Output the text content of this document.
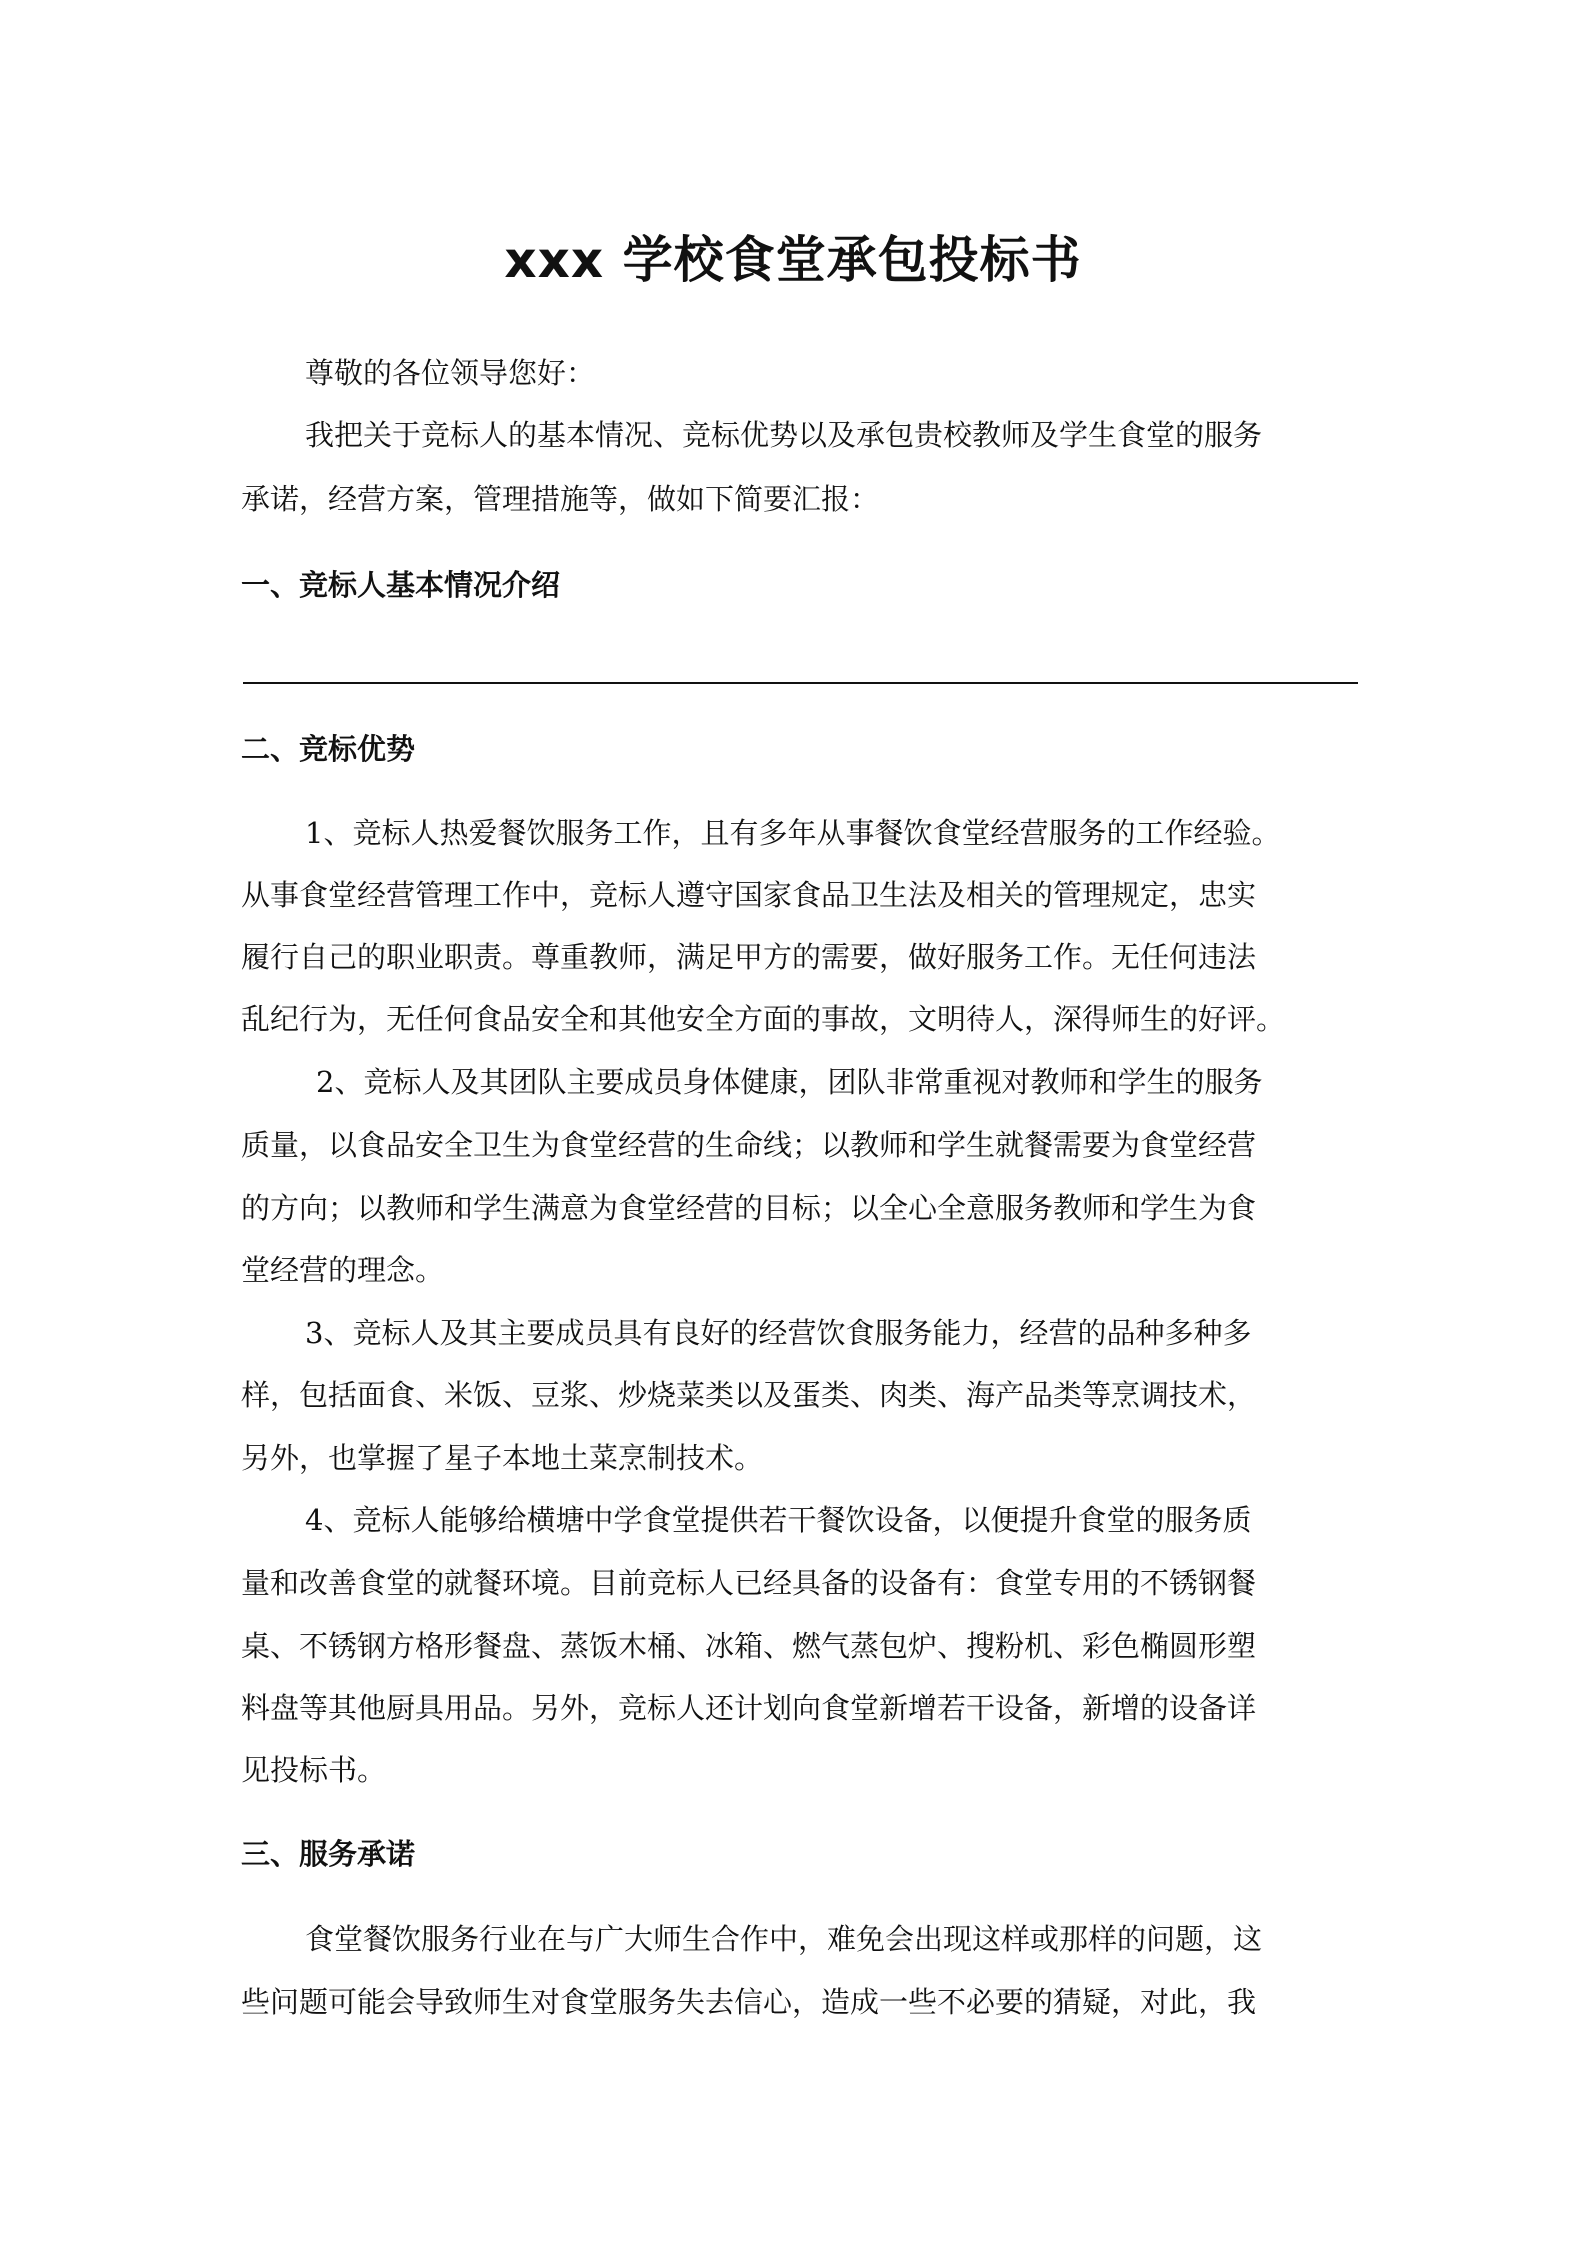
xxx 学校食堂承包投标书
尊敬的各位领导您好：
我把关于竞标人的基本情况、竞标优势以及承包贵校教师及学生食堂的服务
承诺，经营方案，管理措施等，做如下简要汇报：
一、竞标人基本情况介绍
二、竞标优势
1、竞标人热爱餐饮服务工作，且有多年从事餐饮食堂经营服务的工作经验。
从事食堂经营管理工作中，竞标人遵守国家食品卫生法及相关的管理规定，忠实
履行自己的职业职责。尊重教师，满足甲方的需要，做好服务工作。无任何违法
乱纪行为，无任何食品安全和其他安全方面的事故，文明待人，深得师生的好评。
2、竞标人及其团队主要成员身体健康，团队非常重视对教师和学生的服务
质量，以食品安全卫生为食堂经营的生命线；以教师和学生就餐需要为食堂经营
的方向；以教师和学生满意为食堂经营的目标；以全心全意服务教师和学生为食
堂经营的理念。
3、竞标人及其主要成员具有良好的经营饮食服务能力，经营的品种多种多
样，包括面食、米饭、豆浆、炒烧菜类以及蛋类、肉类、海产品类等烹调技术，
另外，也掌握了星子本地土菜烹制技术。
4、竞标人能够给横塘中学食堂提供若干餐饮设备，以便提升食堂的服务质
量和改善食堂的就餐环境。目前竞标人已经具备的设备有：食堂专用的不锈钢餐
桌、不锈钢方格形餐盘、蒸饭木桶、冰箱、燃气蒸包炉、搜粉机、彩色椭圆形塑
料盘等其他厨具用品。另外，竞标人还计划向食堂新增若干设备，新增的设备详
见投标书。
三、服务承诺
食堂餐饮服务行业在与广大师生合作中，难免会出现这样或那样的问题，这
些问题可能会导致师生对食堂服务失去信心，造成一些不必要的猜疑，对此，我
